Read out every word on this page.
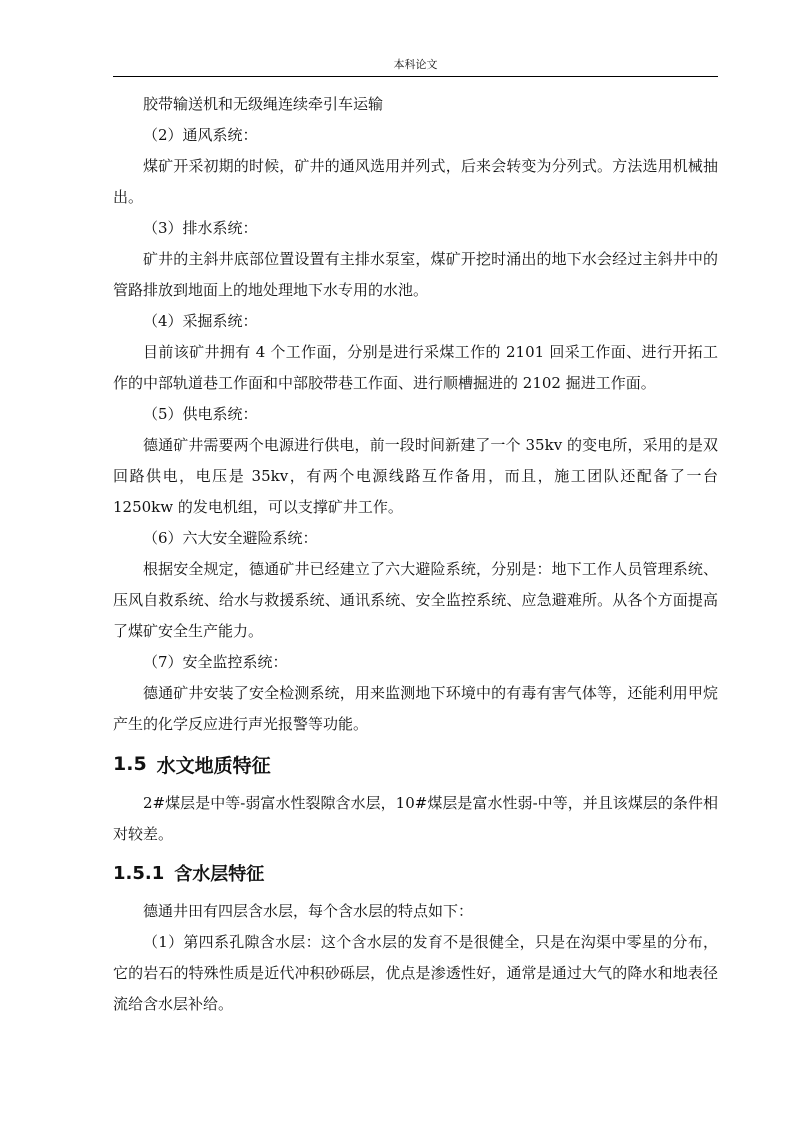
本科论文

胶带输送机和无级绳连续牵引车运输

（2）通风系统：

煤矿开采初期的时候，矿井的通风选用并列式，后来会转变为分列式。方法选用机械抽出。

（3）排水系统：

矿井的主斜井底部位置设置有主排水泵室，煤矿开挖时涌出的地下水会经过主斜井中的管路排放到地面上的地处理地下水专用的水池。

（4）采掘系统：

目前该矿井拥有 4 个工作面，分别是进行采煤工作的 2101 回采工作面、进行开拓工作的中部轨道巷工作面和中部胶带巷工作面、进行顺槽掘进的 2102 掘进工作面。

（5）供电系统：

德通矿井需要两个电源进行供电，前一段时间新建了一个 35kv 的变电所，采用的是双回路供电，电压是 35kv，有两个电源线路互作备用，而且，施工团队还配备了一台 1250kw 的发电机组，可以支撑矿井工作。

（6）六大安全避险系统：

根据安全规定，德通矿井已经建立了六大避险系统，分别是：地下工作人员管理系统、压风自救系统、给水与救援系统、通讯系统、安全监控系统、应急避难所。从各个方面提高了煤矿安全生产能力。

（7）安全监控系统：

德通矿井安装了安全检测系统，用来监测地下环境中的有毒有害气体等，还能利用甲烷产生的化学反应进行声光报警等功能。

1.5 水文地质特征

2#煤层是中等-弱富水性裂隙含水层，10#煤层是富水性弱-中等，并且该煤层的条件相对较差。

1.5.1 含水层特征

德通井田有四层含水层，每个含水层的特点如下：

（1）第四系孔隙含水层：这个含水层的发育不是很健全，只是在沟渠中零星的分布，它的岩石的特殊性质是近代冲积砂砾层，优点是渗透性好，通常是通过大气的降水和地表径流给含水层补给。
